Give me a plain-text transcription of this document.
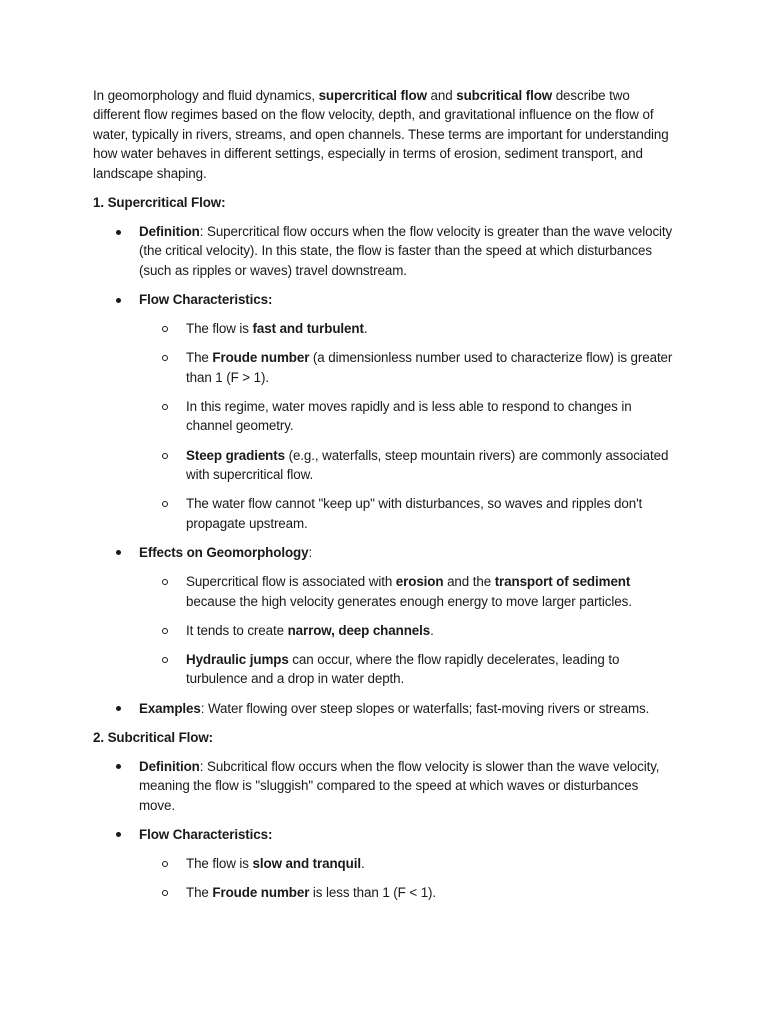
In geomorphology and fluid dynamics, supercritical flow and subcritical flow describe two different flow regimes based on the flow velocity, depth, and gravitational influence on the flow of water, typically in rivers, streams, and open channels. These terms are important for understanding how water behaves in different settings, especially in terms of erosion, sediment transport, and landscape shaping.

1. Supercritical Flow:

Definition: Supercritical flow occurs when the flow velocity is greater than the wave velocity (the critical velocity). In this state, the flow is faster than the speed at which disturbances (such as ripples or waves) travel downstream.
Flow Characteristics:
The flow is fast and turbulent.
The Froude number (a dimensionless number used to characterize flow) is greater than 1 (F > 1).
In this regime, water moves rapidly and is less able to respond to changes in channel geometry.
Steep gradients (e.g., waterfalls, steep mountain rivers) are commonly associated with supercritical flow.
The water flow cannot "keep up" with disturbances, so waves and ripples don't propagate upstream.
Effects on Geomorphology:
Supercritical flow is associated with erosion and the transport of sediment because the high velocity generates enough energy to move larger particles.
It tends to create narrow, deep channels.
Hydraulic jumps can occur, where the flow rapidly decelerates, leading to turbulence and a drop in water depth.
Examples: Water flowing over steep slopes or waterfalls; fast-moving rivers or streams.

2. Subcritical Flow:

Definition: Subcritical flow occurs when the flow velocity is slower than the wave velocity, meaning the flow is "sluggish" compared to the speed at which waves or disturbances move.
Flow Characteristics:
The flow is slow and tranquil.
The Froude number is less than 1 (F < 1).
